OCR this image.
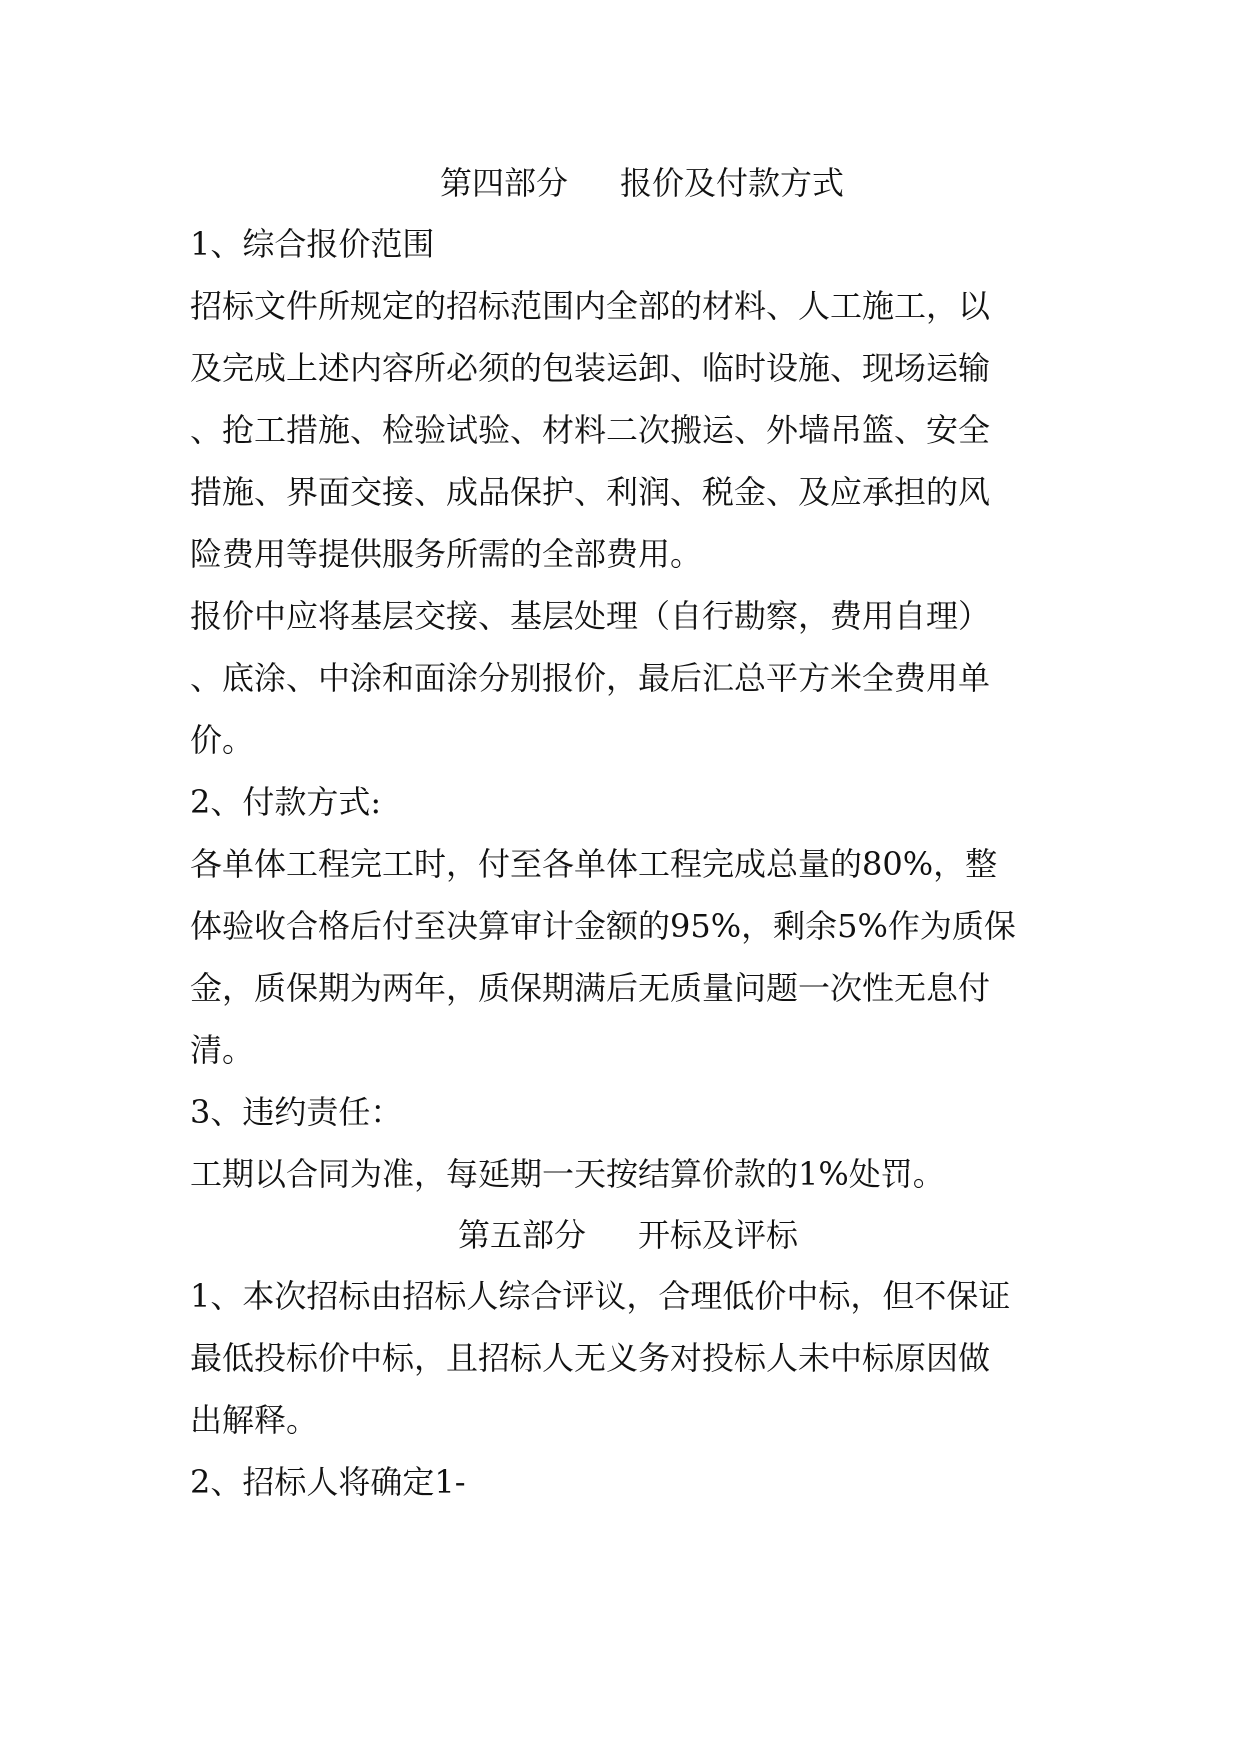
第四部分 报价及付款方式
1、综合报价范围
招标文件所规定的招标范围内全部的材料、人工施工，以
及完成上述内容所必须的包装运卸、临时设施、现场运输
、抢工措施、检验试验、材料二次搬运、外墙吊篮、安全
措施、界面交接、成品保护、利润、税金、及应承担的风
险费用等提供服务所需的全部费用。
报价中应将基层交接、基层处理（自行勘察，费用自理）
、底涂、中涂和面涂分别报价，最后汇总平方米全费用单
价。
2、付款方式:
各单体工程完工时，付至各单体工程完成总量的80%，整
体验收合格后付至决算审计金额的95%，剩余5%作为质保
金，质保期为两年，质保期满后无质量问题一次性无息付
清。
3、违约责任：
工期以合同为准，每延期一天按结算价款的1%处罚。
第五部分 开标及评标
1、本次招标由招标人综合评议，合理低价中标，但不保证
最低投标价中标，且招标人无义务对投标人未中标原因做
出解释。
2、招标人将确定1-
